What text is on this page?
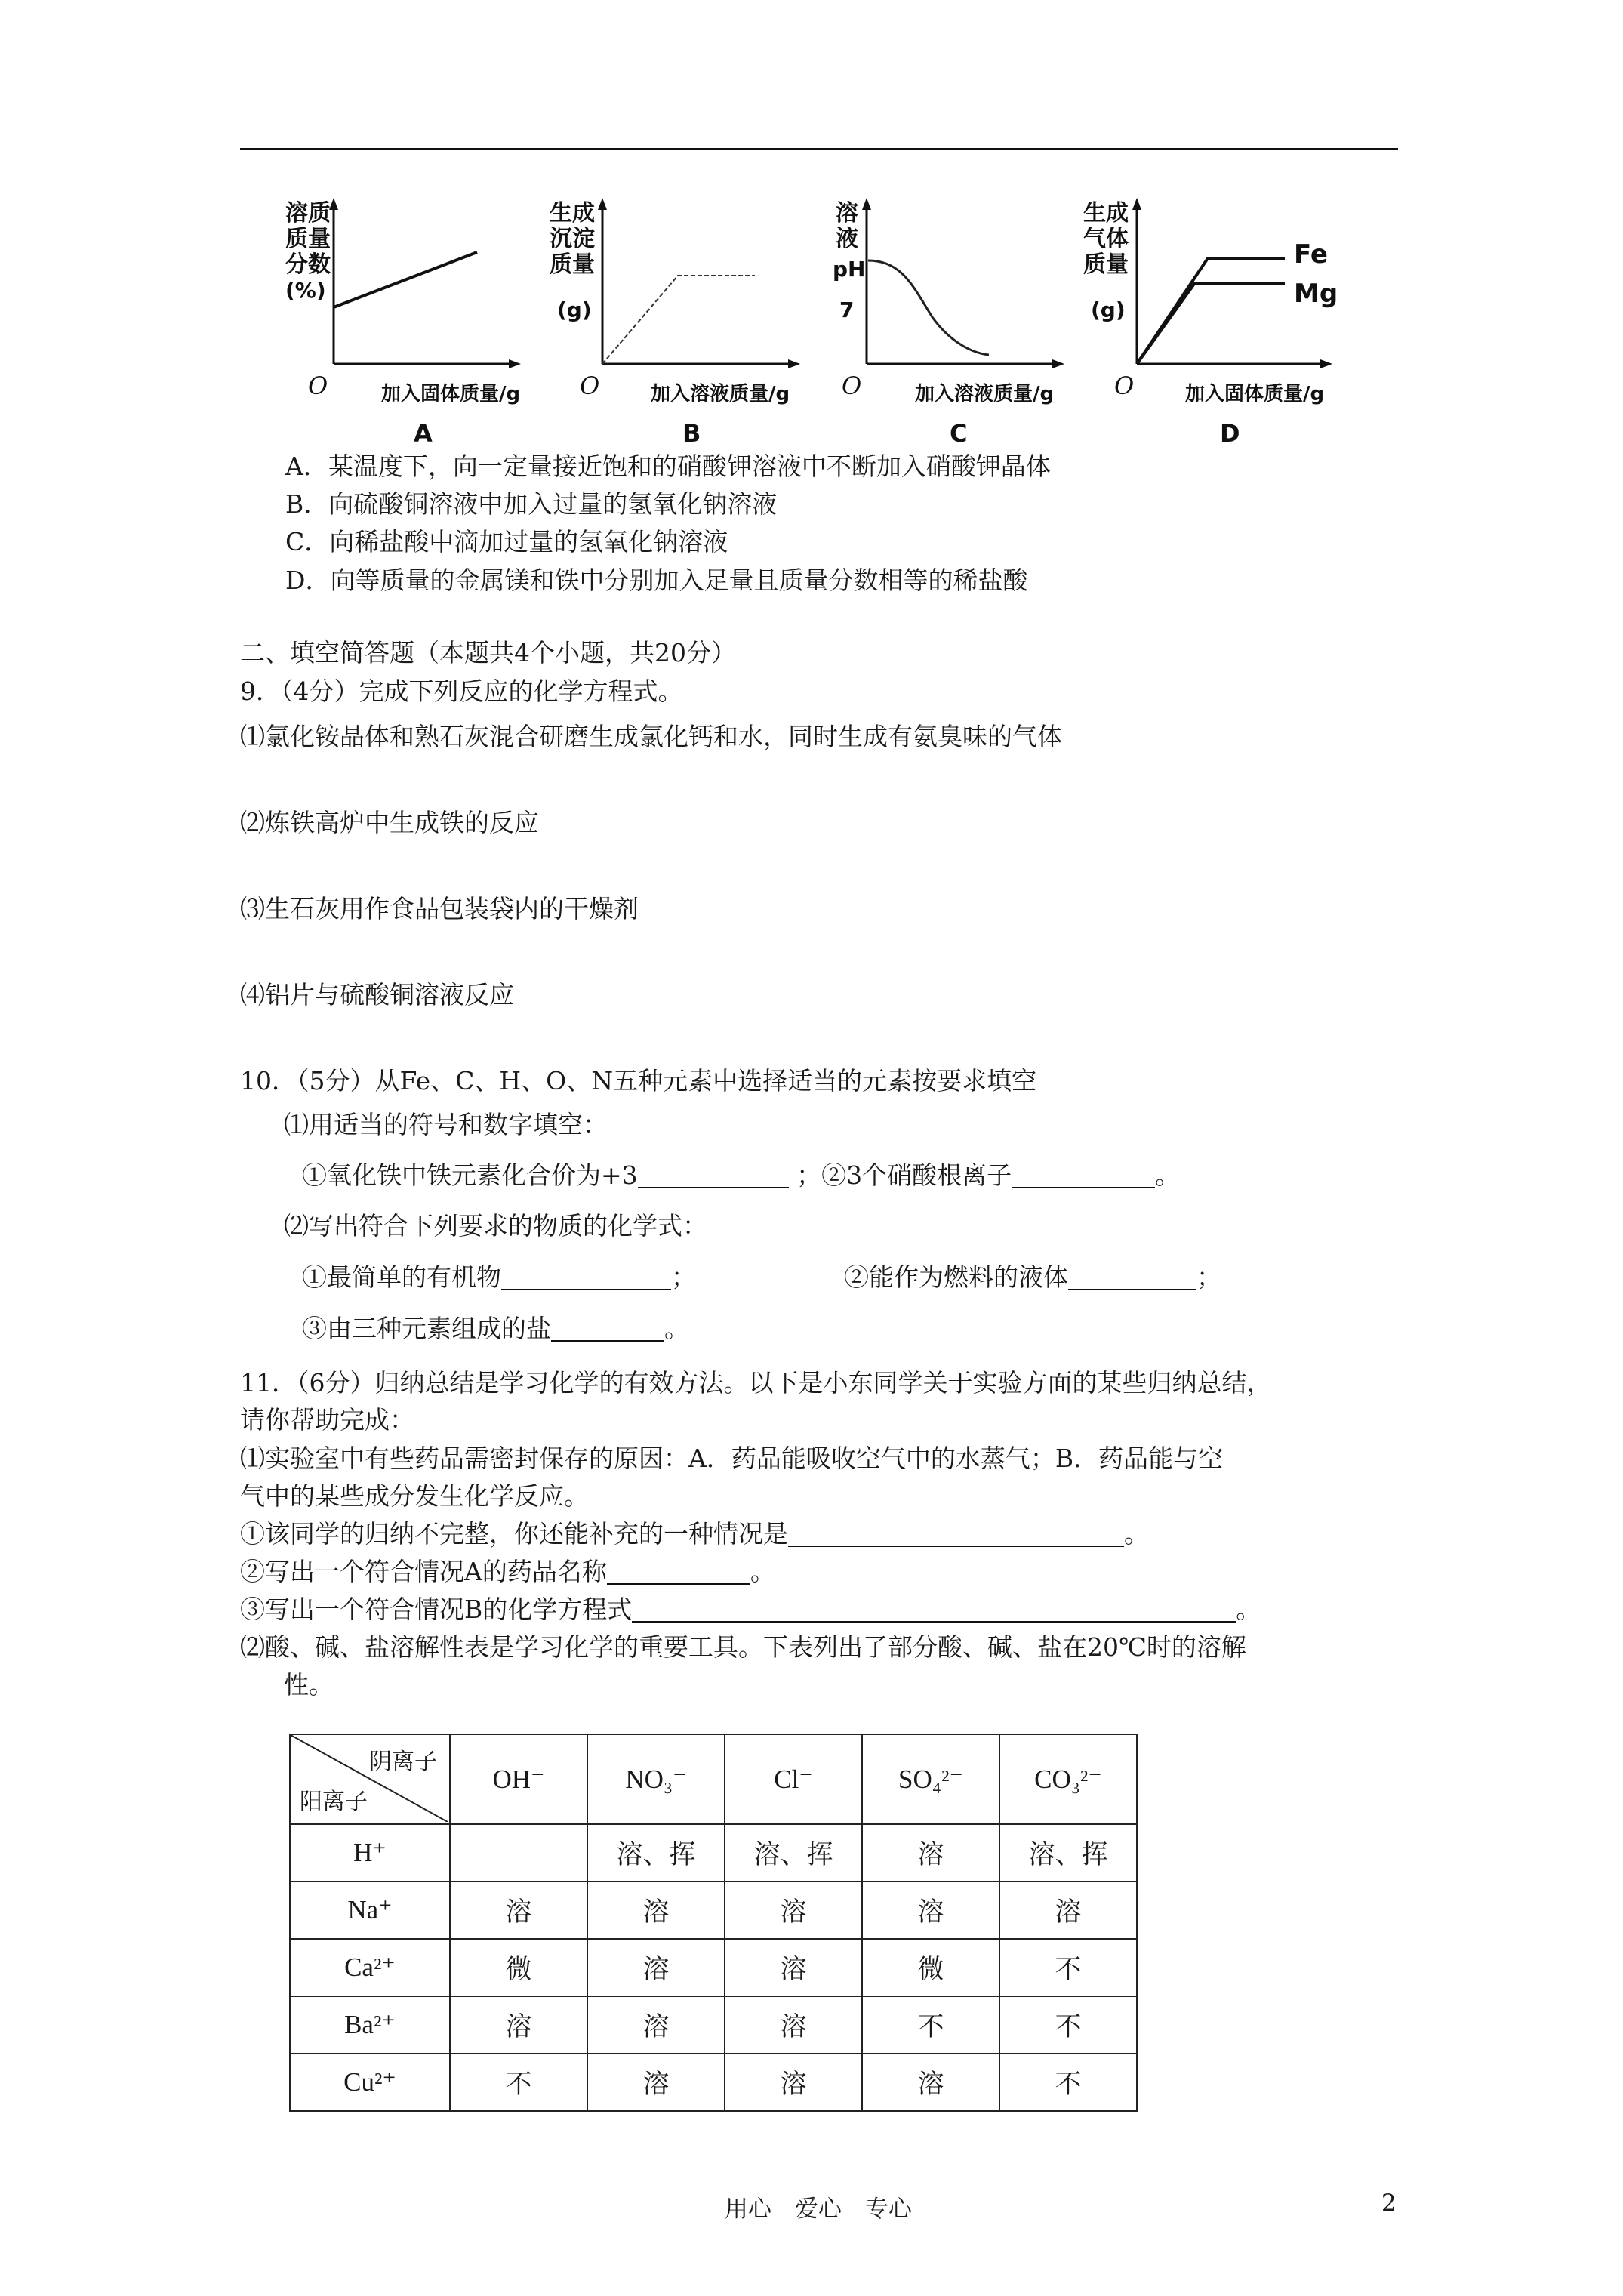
溶质
质量
分数
(%)
O	加入固体质量/g
A
生成
沉淀
质量
(g)
O	加入溶液质量/g
B
溶
液
pH
7
O	加入溶液质量/g
C
生成
气体
质量
(g)
Fe
Mg
O	加入固体质量/g
D
A．某温度下，向一定量接近饱和的硝酸钾溶液中不断加入硝酸钾晶体
B．向硫酸铜溶液中加入过量的氢氧化钠溶液
C．向稀盐酸中滴加过量的氢氧化钠溶液
D．向等质量的金属镁和铁中分别加入足量且质量分数相等的稀盐酸
二、填空简答题（本题共4个小题，共20分）
9．（4分）完成下列反应的化学方程式。
⑴氯化铵晶体和熟石灰混合研磨生成氯化钙和水，同时生成有氨臭味的气体
⑵炼铁高炉中生成铁的反应
⑶生石灰用作食品包装袋内的干燥剂
⑷铝片与硫酸铜溶液反应
10．（5分）从Fe、C、H、O、N五种元素中选择适当的元素按要求填空
⑴用适当的符号和数字填空：
①氧化铁中铁元素化合价为+3	；②3个硝酸根离子	。
⑵写出符合下列要求的物质的化学式：
①最简单的有机物	；	②能作为燃料的液体	；
③由三种元素组成的盐	。
11．（6分）归纳总结是学习化学的有效方法。以下是小东同学关于实验方面的某些归纳总结，
请你帮助完成：
⑴实验室中有些药品需密封保存的原因：A．药品能吸收空气中的水蒸气；B．药品能与空
气中的某些成分发生化学反应。
①该同学的归纳不完整，你还能补充的一种情况是	。
②写出一个符合情况A的药品名称	。
③写出一个符合情况B的化学方程式	。
⑵酸、碱、盐溶解性表是学习化学的重要工具。下表列出了部分酸、碱、盐在20℃时的溶解
性。
阴离子
阳离子	OH⁻	NO₃⁻	Cl⁻	SO₄²⁻	CO₃²⁻
H⁺		溶、挥	溶、挥	溶	溶、挥
Na⁺	溶	溶	溶	溶	溶
Ca²⁺	微	溶	溶	微	不
Ba²⁺	溶	溶	溶	不	不
Cu²⁺	不	溶	溶	溶	不
用心　爱心　专心	2
